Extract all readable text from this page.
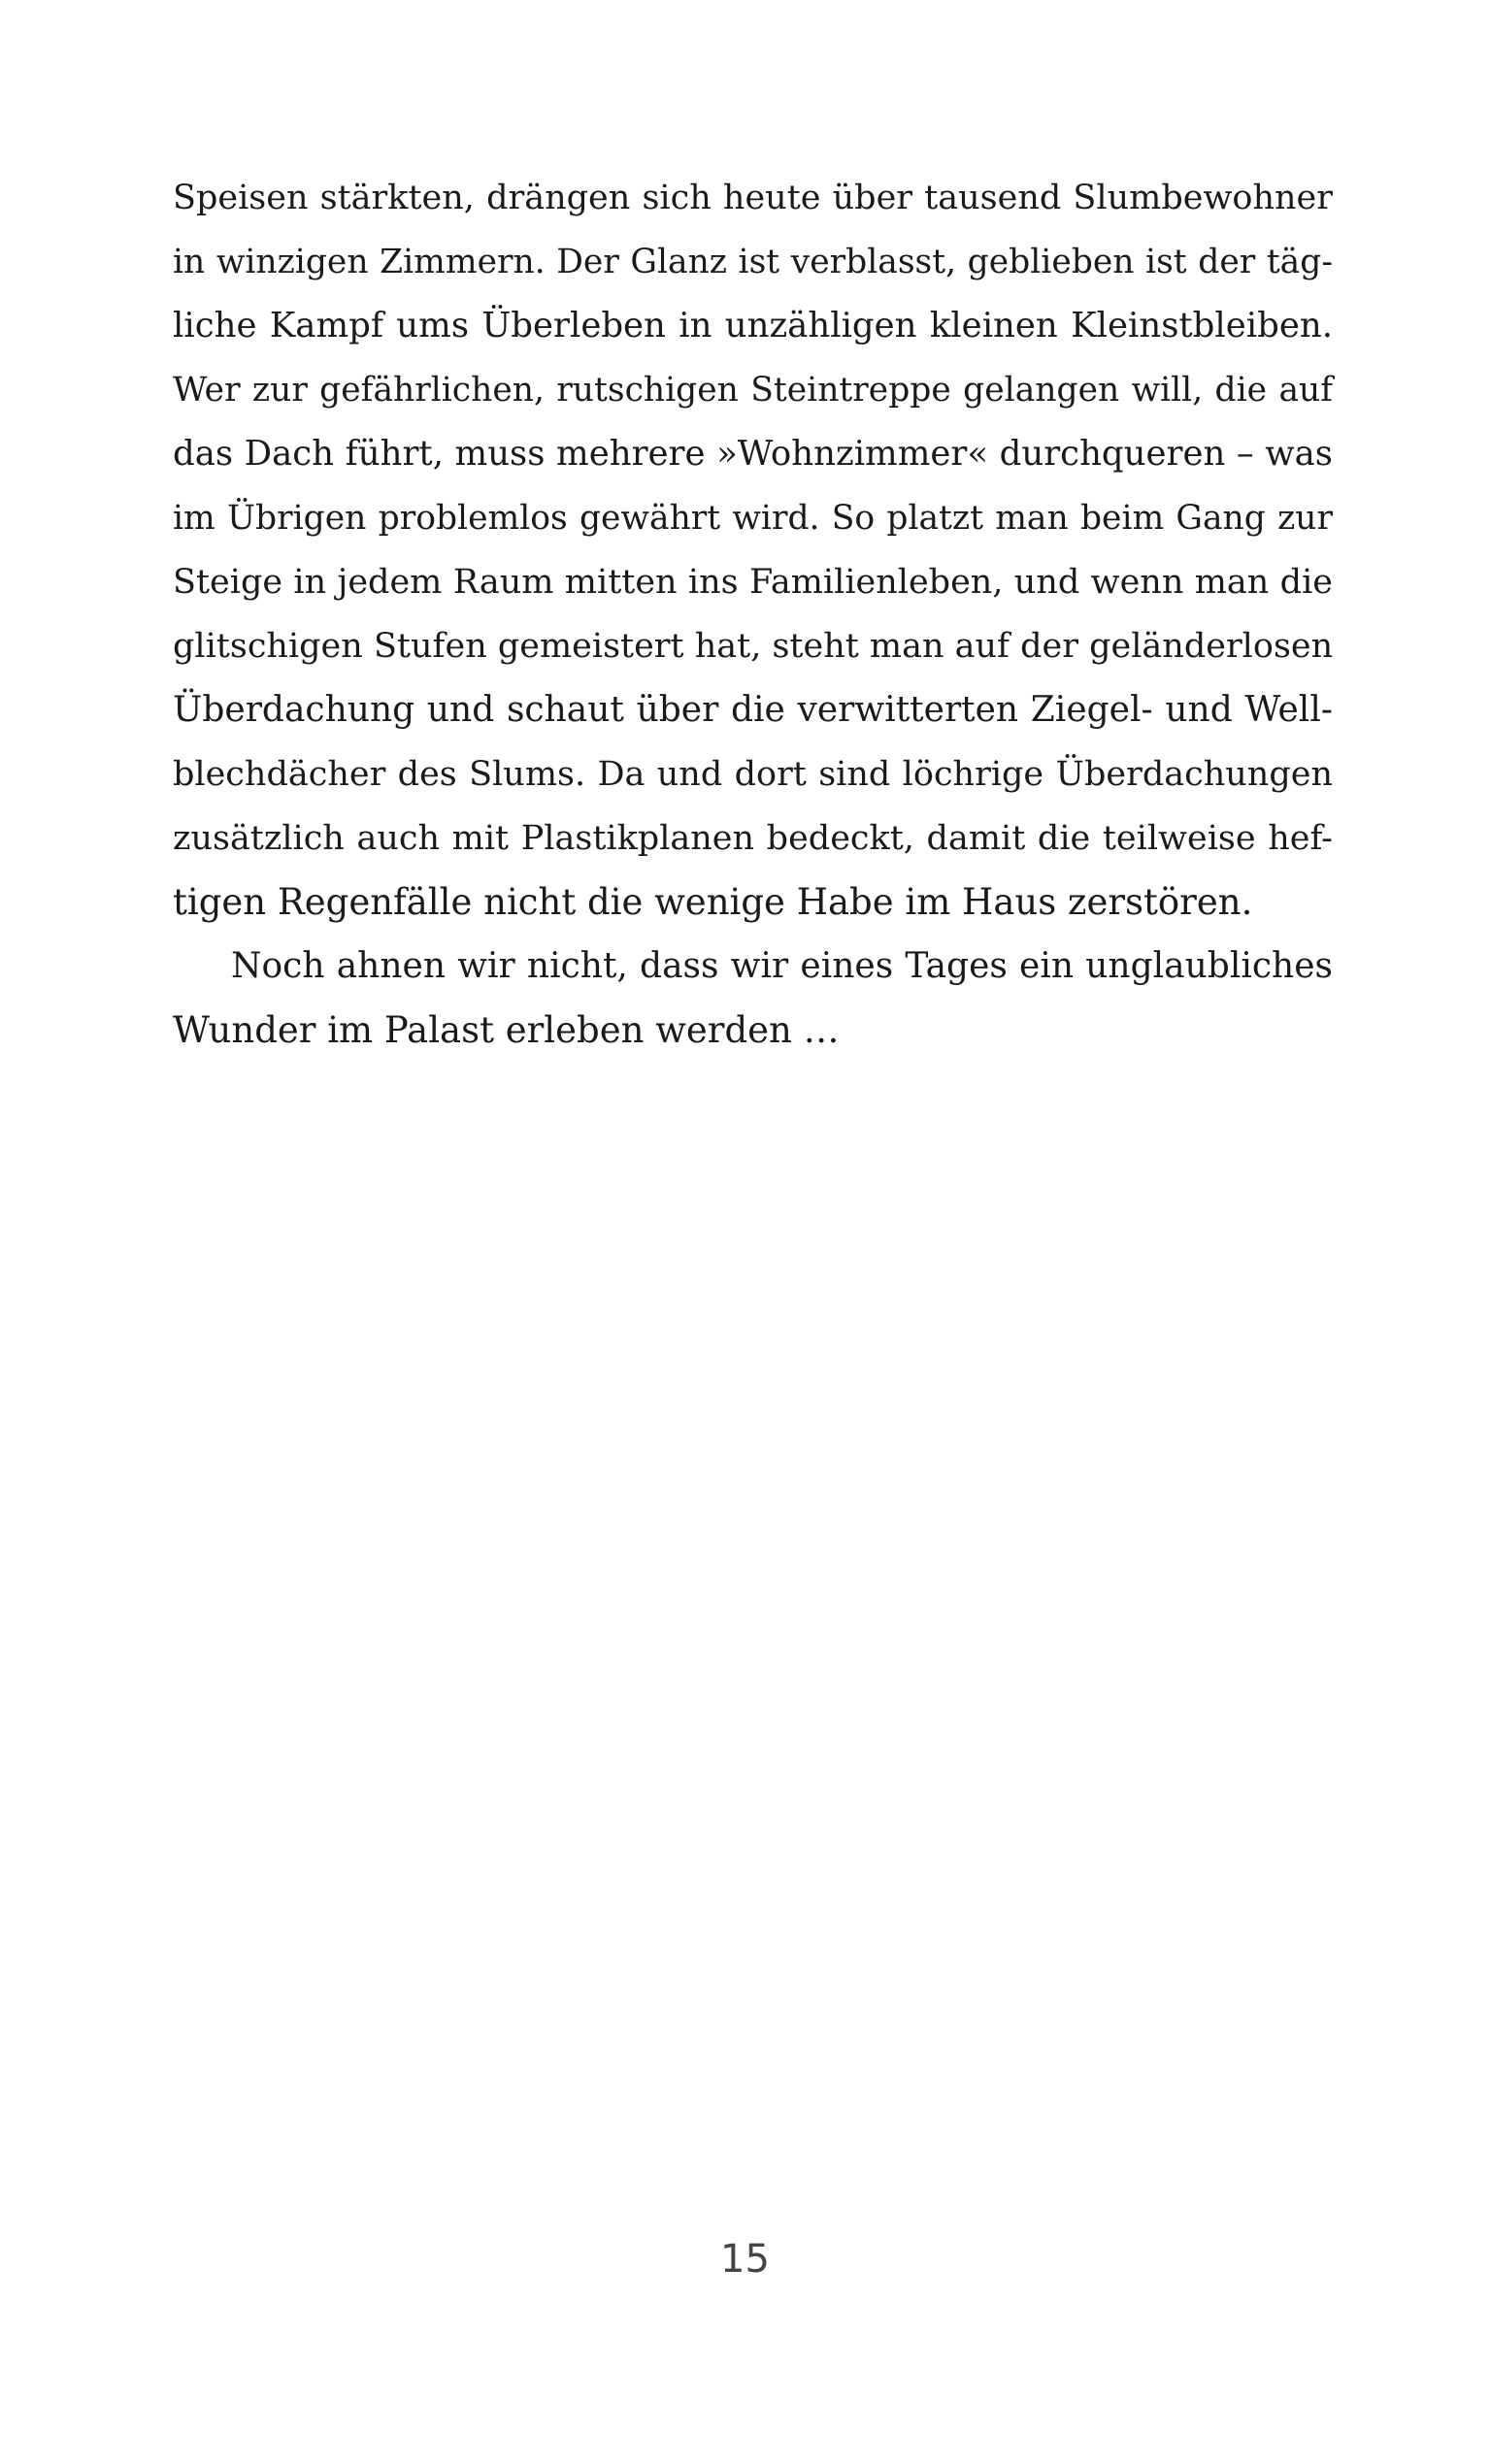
Speisen stärkten, drängen sich heute über tausend Slumbewohner
in winzigen Zimmern. Der Glanz ist verblasst, geblieben ist der täg-
liche Kampf ums Überleben in unzähligen kleinen Kleinstbleiben.
Wer zur gefährlichen, rutschigen Steintreppe gelangen will, die auf
das Dach führt, muss mehrere »Wohnzimmer« durchqueren – was
im Übrigen problemlos gewährt wird. So platzt man beim Gang zur
Steige in jedem Raum mitten ins Familienleben, und wenn man die
glitschigen Stufen gemeistert hat, steht man auf der geländerlosen
Überdachung und schaut über die verwitterten Ziegel- und Well-
blechdächer des Slums. Da und dort sind löchrige Überdachungen
zusätzlich auch mit Plastikplanen bedeckt, damit die teilweise hef-
tigen Regenfälle nicht die wenige Habe im Haus zerstören.
Noch ahnen wir nicht, dass wir eines Tages ein unglaubliches
Wunder im Palast erleben werden …
15
